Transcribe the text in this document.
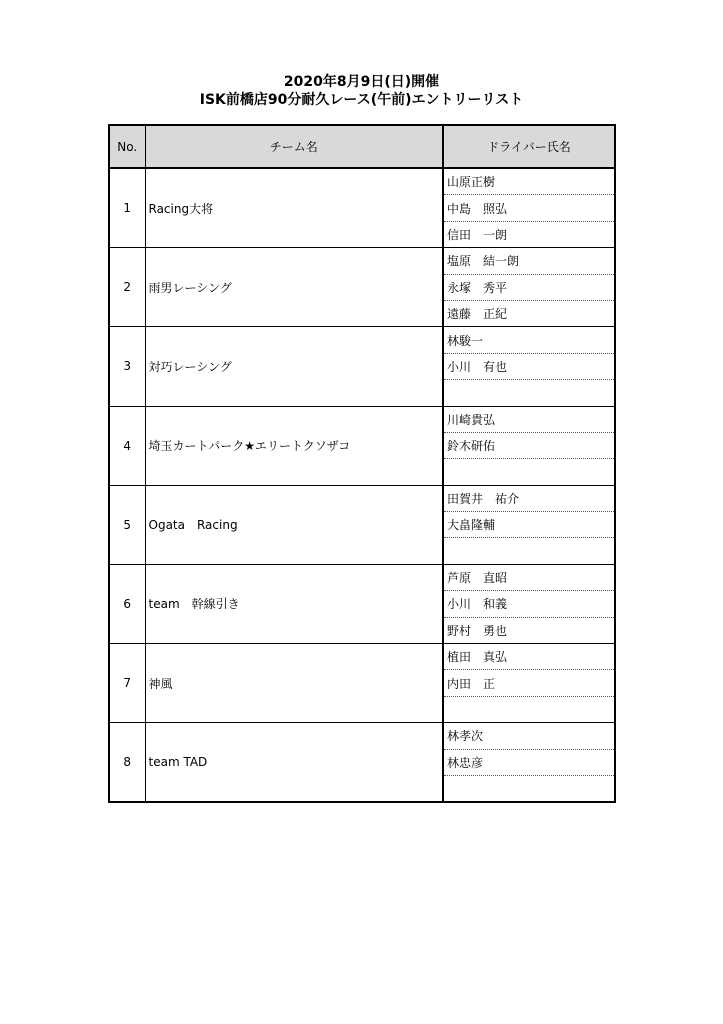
2020年8月9日(日)開催
ISK前橋店90分耐久レース(午前)エントリーリスト
No.	チーム名	ドライバー氏名
1	Racing大将	山原正樹
		中島　照弘
		信田　一朗
2	雨男レーシング	塩原　結一朗
		永塚　秀平
		遠藤　正紀
3	対巧レーシング	林駿一
		小川　有也

4	埼玉カートパーク★エリートクソザコ	川崎貴弘
		鈴木研佑

5	Ogata　Racing	田賀井　祐介
		大畠隆輔

6	team　幹線引き	芦原　直昭
		小川　和義
		野村　勇也
7	神風	植田　真弘
		内田　正

8	team TAD	林孝次
		林忠彦
